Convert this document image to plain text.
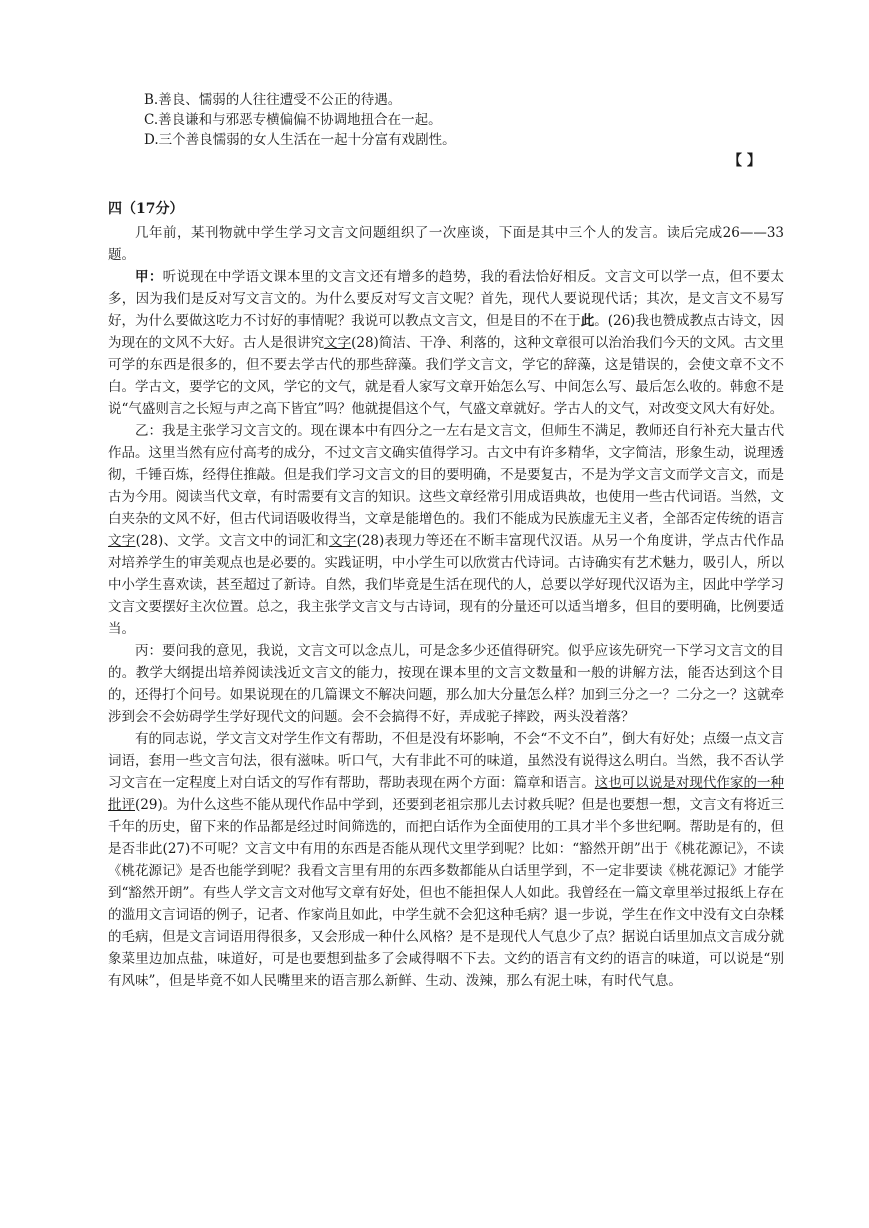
B.善良、懦弱的人往往遭受不公正的待遇。
C.善良谦和与邪恶专横偏偏不协调地扭合在一起。
D.三个善良懦弱的女人生活在一起十分富有戏剧性。
【 】
四（17分）

几年前，某刊物就中学生学习文言文问题组织了一次座谈，下面是其中三个人的发言。读后完成26——33题。

甲：听说现在中学语文课本里的文言文还有增多的趋势，我的看法恰好相反。文言文可以学一点，但不要太多，因为我们是反对写文言文的。为什么要反对写文言文呢？首先，现代人要说现代话；其次，是文言文不易写好，为什么要做这吃力不讨好的事情呢？我说可以教点文言文，但是目的不在于此。(26)我也赞成教点古诗文，因为现在的文风不大好。古人是很讲究文字(28)简洁、干净、利落的，这种文章很可以治治我们今天的文风。古文里可学的东西是很多的，但不要去学古代的那些辞藻。我们学文言文，学它的辞藻，这是错误的，会使文章不文不白。学古文，要学它的文风，学它的文气，就是看人家写文章开始怎么写、中间怎么写、最后怎么收的。韩愈不是说“气盛则言之长短与声之高下皆宜”吗？他就提倡这个气，气盛文章就好。学古人的文气，对改变文风大有好处。

乙：我是主张学习文言文的。现在课本中有四分之一左右是文言文，但师生不满足，教师还自行补充大量古代作品。这里当然有应付高考的成分，不过文言文确实值得学习。古文中有许多精华，文字简洁，形象生动，说理透彻，千锤百炼，经得住推敲。但是我们学习文言文的目的要明确，不是要复古，不是为学文言文而学文言文，而是古为今用。阅读当代文章，有时需要有文言的知识。这些文章经常引用成语典故，也使用一些古代词语。当然，文白夹杂的文风不好，但古代词语吸收得当，文章是能增色的。我们不能成为民族虚无主义者，全部否定传统的语言文字(28)、文学。文言文中的词汇和文字(28)表现力等还在不断丰富现代汉语。从另一个角度讲，学点古代作品对培养学生的审美观点也是必要的。实践证明，中小学生可以欣赏古代诗词。古诗确实有艺术魅力，吸引人，所以中小学生喜欢读，甚至超过了新诗。自然，我们毕竟是生活在现代的人，总要以学好现代汉语为主，因此中学学习文言文要摆好主次位置。总之，我主张学文言文与古诗词，现有的分量还可以适当增多，但目的要明确，比例要适当。

丙：要问我的意见，我说，文言文可以念点儿，可是念多少还值得研究。似乎应该先研究一下学习文言文的目的。教学大纲提出培养阅读浅近文言文的能力，按现在课本里的文言文数量和一般的讲解方法，能否达到这个目的，还得打个问号。如果说现在的几篇课文不解决问题，那么加大分量怎么样？加到三分之一？二分之一？这就牵涉到会不会妨碍学生学好现代文的问题。会不会搞得不好，弄成驼子摔跤，两头没着落？

有的同志说，学文言文对学生作文有帮助，不但是没有坏影响，不会“不文不白”，倒大有好处；点缀一点文言词语，套用一些文言句法，很有滋味。听口气，大有非此不可的味道，虽然没有说得这么明白。当然，我不否认学习文言在一定程度上对白话文的写作有帮助，帮助表现在两个方面：篇章和语言。这也可以说是对现代作家的一种批评(29)。为什么这些不能从现代作品中学到，还要到老祖宗那儿去讨救兵呢？但是也要想一想，文言文有将近三千年的历史，留下来的作品都是经过时间筛选的，而把白话作为全面使用的工具才半个多世纪啊。帮助是有的，但是否非此(27)不可呢？文言文中有用的东西是否能从现代文里学到呢？比如：“豁然开朗”出于《桃花源记》，不读《桃花源记》是否也能学到呢？我看文言里有用的东西多数都能从白话里学到，不一定非要读《桃花源记》才能学到“豁然开朗”。有些人学文言文对他写文章有好处，但也不能担保人人如此。我曾经在一篇文章里举过报纸上存在的滥用文言词语的例子，记者、作家尚且如此，中学生就不会犯这种毛病？退一步说，学生在作文中没有文白杂糅的毛病，但是文言词语用得很多，又会形成一种什么风格？是不是现代人气息少了点？据说白话里加点文言成分就象菜里边加点盐，味道好，可是也要想到盐多了会咸得咽不下去。文约的语言有文约的语言的味道，可以说是“别有风味”，但是毕竟不如人民嘴里来的语言那么新鲜、生动、泼辣，那么有泥土味，有时代气息。
